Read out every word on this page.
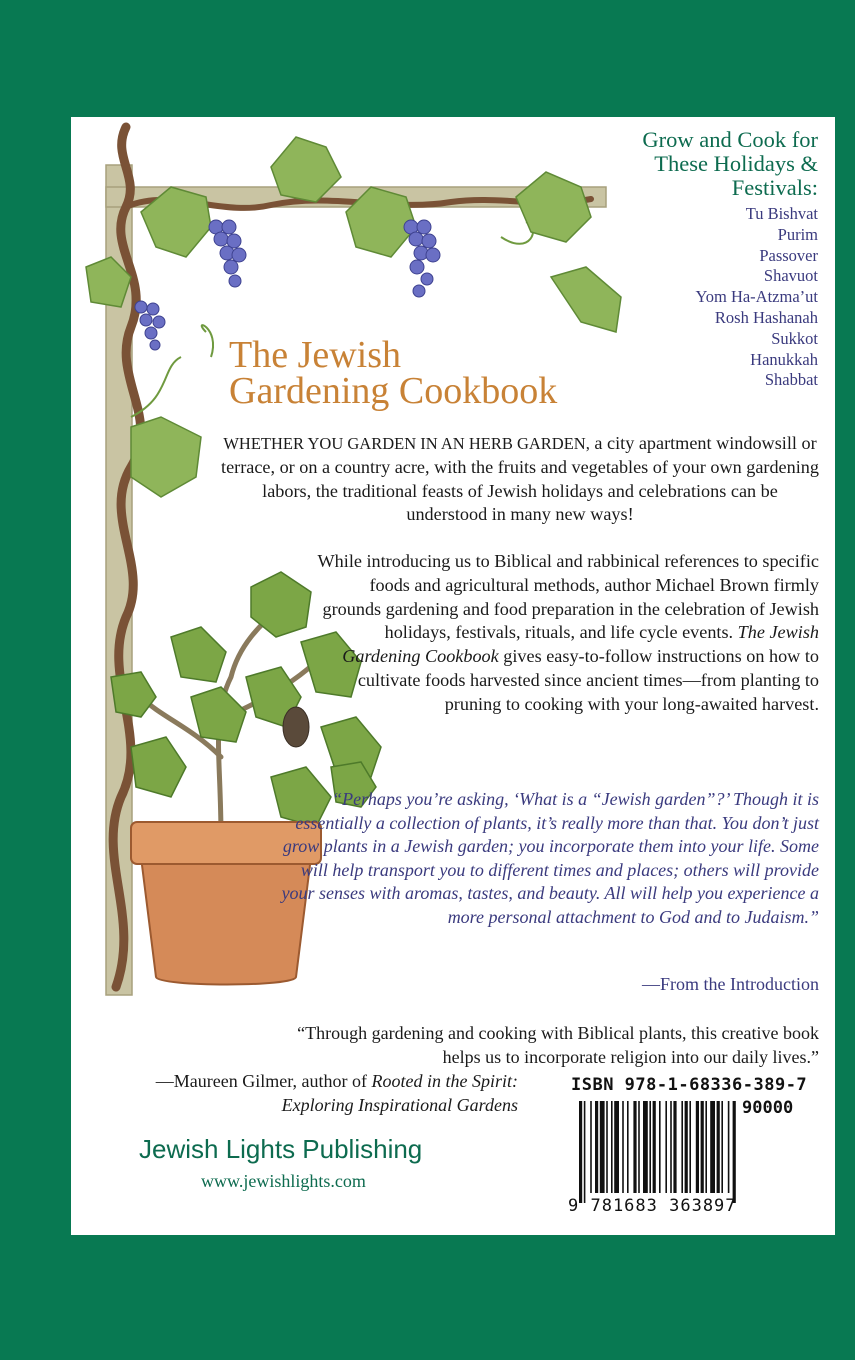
Grow and Cook for
These Holidays &
Festivals:
Tu Bishvat
Purim
Passover
Shavuot
Yom Ha-Atzma’ut
Rosh Hashanah
Sukkot
Hanukkah
Shabbat
The Jewish
Gardening Cookbook
WHETHER YOU GARDEN IN AN HERB GARDEN, a city apartment windowsill or terrace, or on a country acre, with the fruits and vegetables of your own gardening labors, the traditional feasts of Jewish holidays and celebrations can be understood in many new ways!
While introducing us to Biblical and rabbinical references to specific foods and agricultural methods, author Michael Brown firmly grounds gardening and food preparation in the celebration of Jewish holidays, festivals, rituals, and life cycle events. The Jewish Gardening Cookbook gives easy-to-follow instructions on how to cultivate foods harvested since ancient times—from planting to pruning to cooking with your long-awaited harvest.
“Perhaps you’re asking, ‘What is a “Jewish garden”?’ Though it is essentially a collection of plants, it’s really more than that. You don’t just grow plants in a Jewish garden; you incorporate them into your life. Some will help transport you to different times and places; others will provide your senses with aromas, tastes, and beauty. All will help you experience a more personal attachment to God and to Judaism.”
—From the Introduction
“Through gardening and cooking with Biblical plants, this creative book helps us to incorporate religion into our daily lives.”
—Maureen Gilmer, author of Rooted in the Spirit:
Exploring Inspirational Gardens
Jewish Lights Publishing
www.jewishlights.com
ISBN 978-1-68336-389-7
90000
9 781683 363897
